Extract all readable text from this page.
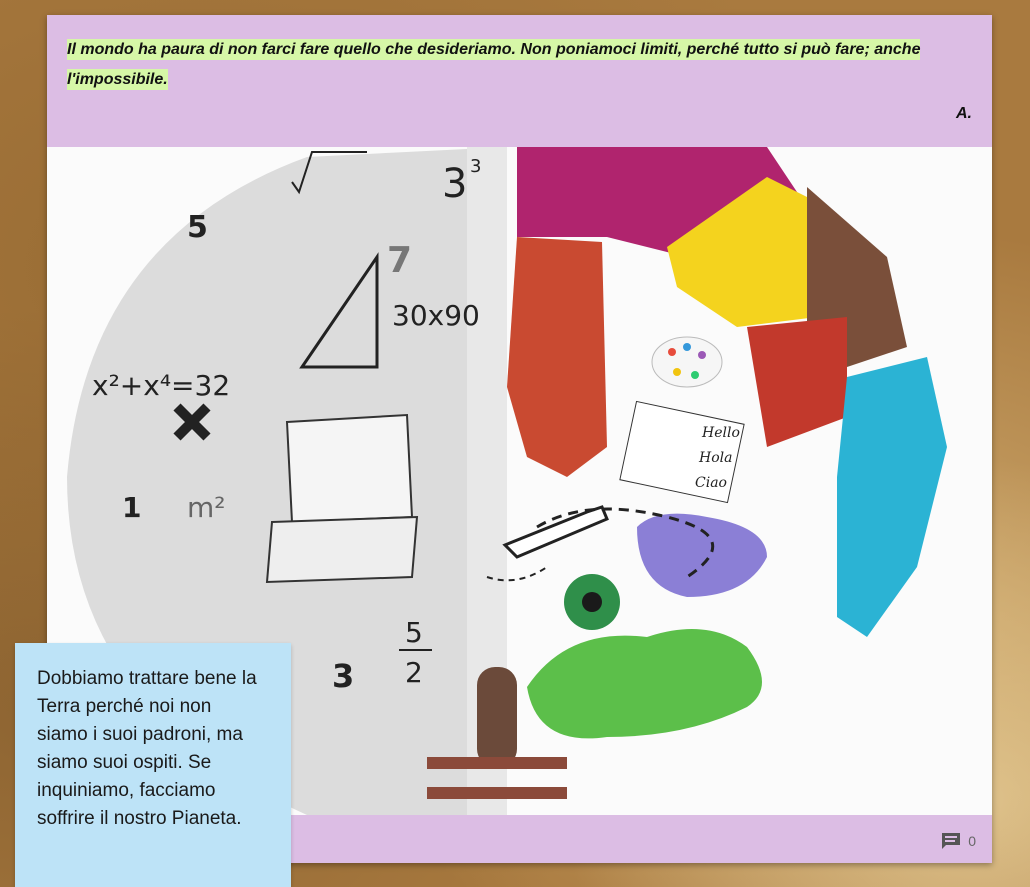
Il mondo ha paura di non farci fare quello che desideriamo. Non poniamoci limiti, perché tutto si può fare; anche l'impossibile.
A.
Hello
Hola
Ciao
5
7
3 3
30x90
x²+x⁴=32
m²
1
3
5
2
0

Dobbiamo trattare bene la Terra perché noi non siamo i suoi padroni, ma siamo suoi ospiti. Se inquiniamo, facciamo soffrire il nostro Pianeta.
